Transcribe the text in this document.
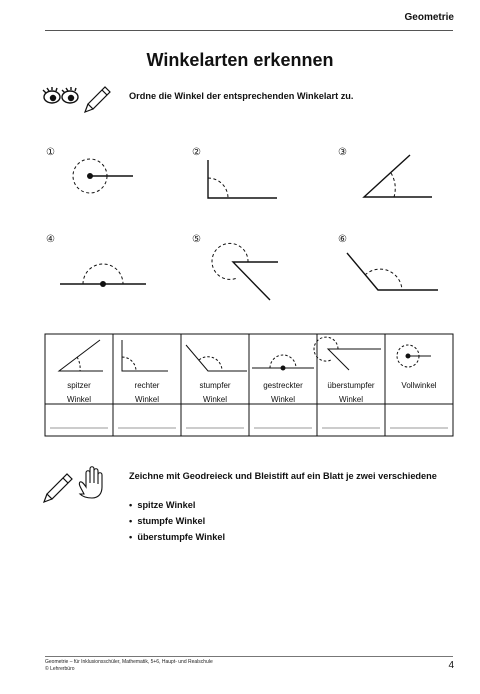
Geometrie
Winkelarten erkennen
Ordne die Winkel der entsprechenden Winkelart zu.
①	②	③
④	⑤	⑥
spitzer
Winkel
rechter
Winkel
stumpfer
Winkel
gestreckter
Winkel
überstumpfer
Winkel
Vollwinkel
Zeichne mit Geodreieck und Bleistift auf ein Blatt je zwei verschiedene
• spitze Winkel
• stumpfe Winkel
• überstumpfe Winkel
Geometrie – für Inklusionsschüler, Mathematik, 5+6, Haupt- und Realschule
© Lehrerbüro	4
